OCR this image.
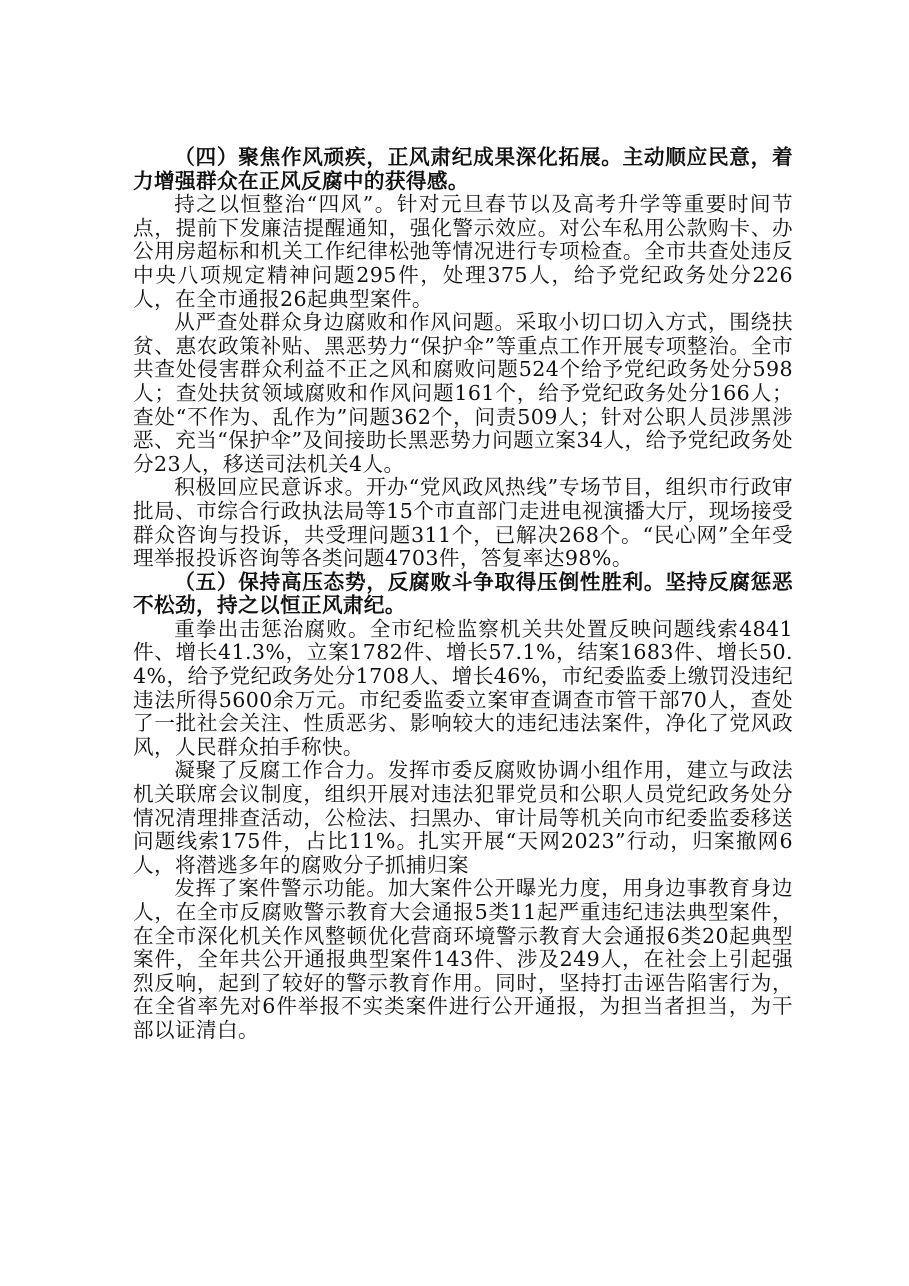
（四）聚焦作风顽疾，正风肃纪成果深化拓展。主动顺应民意，着力增强群众在正风反腐中的获得感。

持之以恒整治“四风”。针对元旦春节以及高考升学等重要时间节点，提前下发廉洁提醒通知，强化警示效应。对公车私用公款购卡、办公用房超标和机关工作纪律松弛等情况进行专项检查。全市共查处违反中央八项规定精神问题295件，处理375人，给予党纪政务处分226人，在全市通报26起典型案件。

从严查处群众身边腐败和作风问题。采取小切口切入方式，围绕扶贫、惠农政策补贴、黑恶势力“保护伞”等重点工作开展专项整治。全市共查处侵害群众利益不正之风和腐败问题524个给予党纪政务处分598人；查处扶贫领域腐败和作风问题161个，给予党纪政务处分166人；查处“不作为、乱作为”问题362个，问责509人；针对公职人员涉黑涉恶、充当“保护伞”及间接助长黑恶势力问题立案34人，给予党纪政务处分23人，移送司法机关4人。

积极回应民意诉求。开办“党风政风热线”专场节目，组织市行政审批局、市综合行政执法局等15个市直部门走进电视演播大厅，现场接受群众咨询与投诉，共受理问题311个，已解决268个。“民心网”全年受理举报投诉咨询等各类问题4703件，答复率达98%。

（五）保持高压态势，反腐败斗争取得压倒性胜利。坚持反腐惩恶不松劲，持之以恒正风肃纪。

重拳出击惩治腐败。全市纪检监察机关共处置反映问题线索4841件、增长41.3%，立案1782件、增长57.1%，结案1683件、增长50.4%，给予党纪政务处分1708人、增长46%，市纪委监委上缴罚没违纪违法所得5600余万元。市纪委监委立案审查调查市管干部70人，查处了一批社会关注、性质恶劣、影响较大的违纪违法案件，净化了党风政风，人民群众拍手称快。

凝聚了反腐工作合力。发挥市委反腐败协调小组作用，建立与政法机关联席会议制度，组织开展对违法犯罪党员和公职人员党纪政务处分情况清理排查活动，公检法、扫黑办、审计局等机关向市纪委监委移送问题线索175件，占比11%。扎实开展“天网2023”行动，归案撤网6人，将潜逃多年的腐败分子抓捕归案

发挥了案件警示功能。加大案件公开曝光力度，用身边事教育身边人，在全市反腐败警示教育大会通报5类11起严重违纪违法典型案件，在全市深化机关作风整顿优化营商环境警示教育大会通报6类20起典型案件，全年共公开通报典型案件143件、涉及249人，在社会上引起强烈反响，起到了较好的警示教育作用。同时，坚持打击诬告陷害行为，在全省率先对6件举报不实类案件进行公开通报，为担当者担当，为干部以证清白。
